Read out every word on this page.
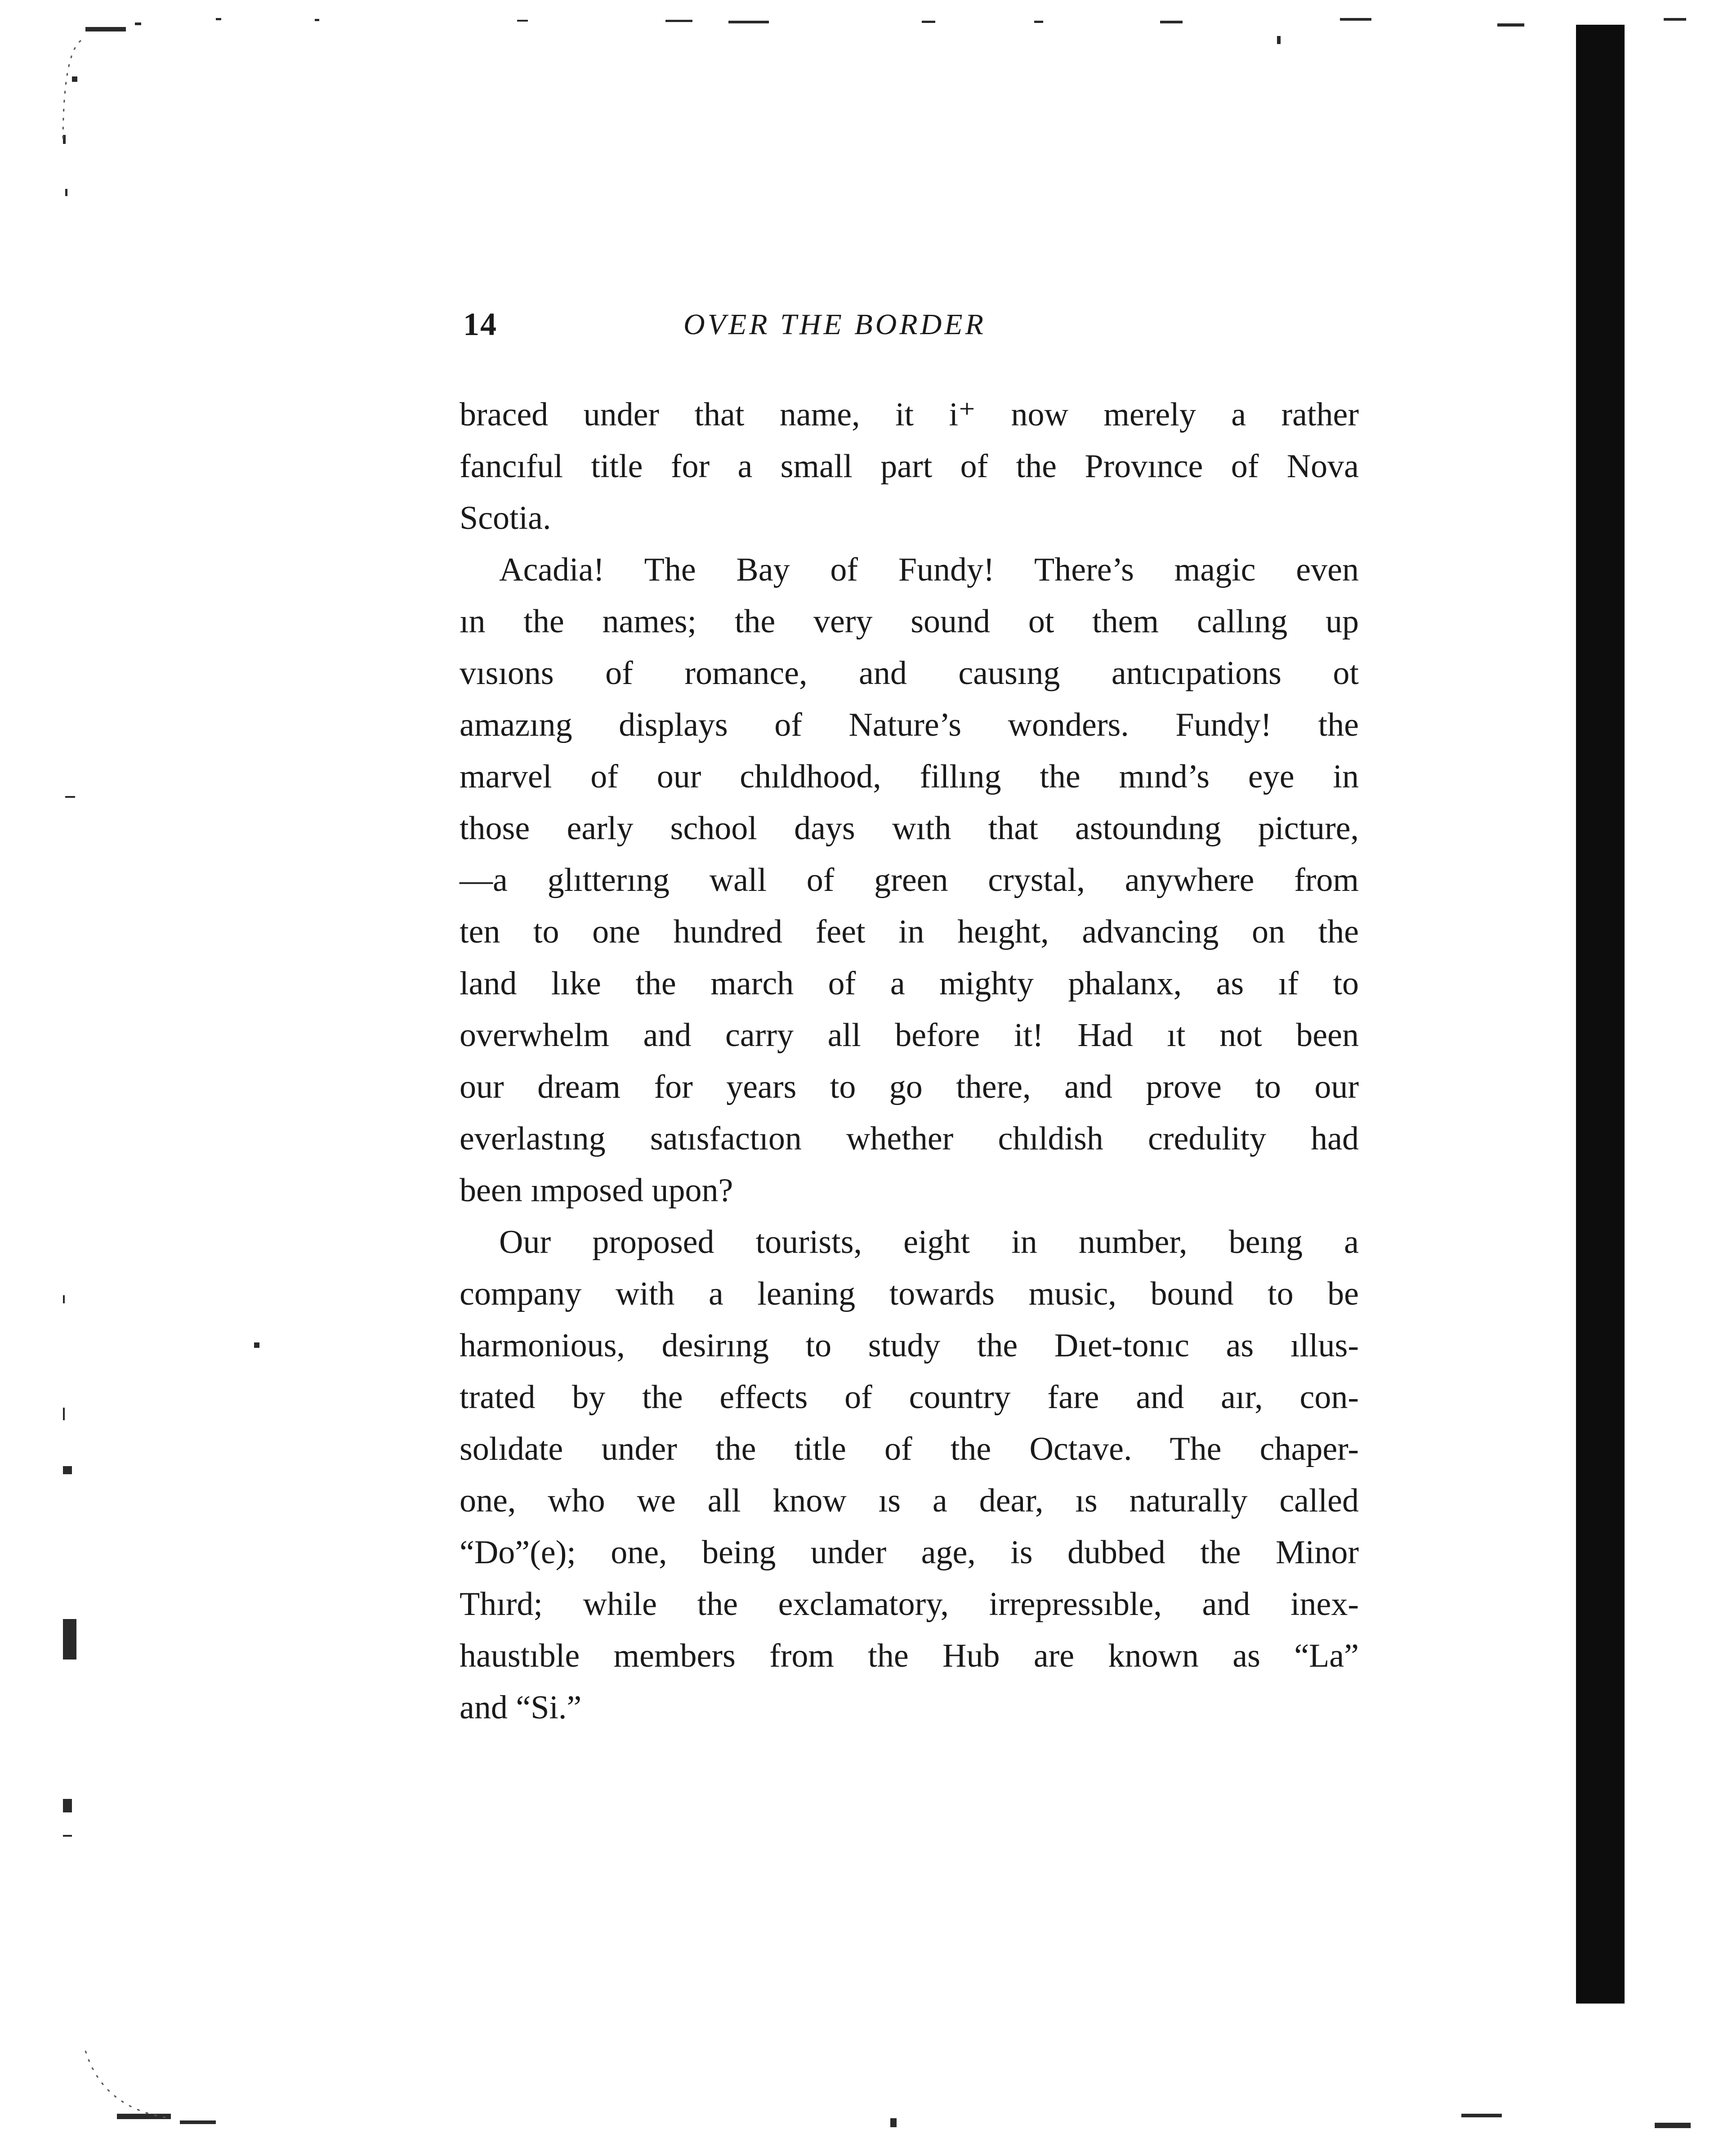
14	OVER THE BORDER
braced under that name, it i⁺ now merely a rather
fancıful title for a small part of the Provınce of Nova
Scotia.
Acadia! The Bay of Fundy! There’s magic even
ın the names; the very sound ot them callıng up
vısıons of romance, and causıng antıcıpations ot
amazıng displays of Nature’s wonders. Fundy! the
marvel of our chıldhood, fillıng the mınd’s eye in
those early school days wıth that astoundıng picture,
—a glıtterıng wall of green crystal, anywhere from
ten to one hundred feet in heıght, advancing on the
land lıke the march of a mighty phalanx, as ıf to
overwhelm and carry all before it! Had ıt not been
our dream for years to go there, and prove to our
everlastıng satısfactıon whether chıldish credulity had
been ımposed upon?
Our proposed tourists, eight in number, beıng a
company with a leaning towards music, bound to be
harmonious, desirıng to study the Dıet-tonıc as ıllus-
trated by the effects of country fare and aır, con-
solıdate under the title of the Octave. The chaper-
one, who we all know ıs a dear, ıs naturally called
“Do”(e); one, being under age, is dubbed the Minor
Thırd; while the exclamatory, irrepressıble, and inex-
haustıble members from the Hub are known as “La”
and “Si.”
